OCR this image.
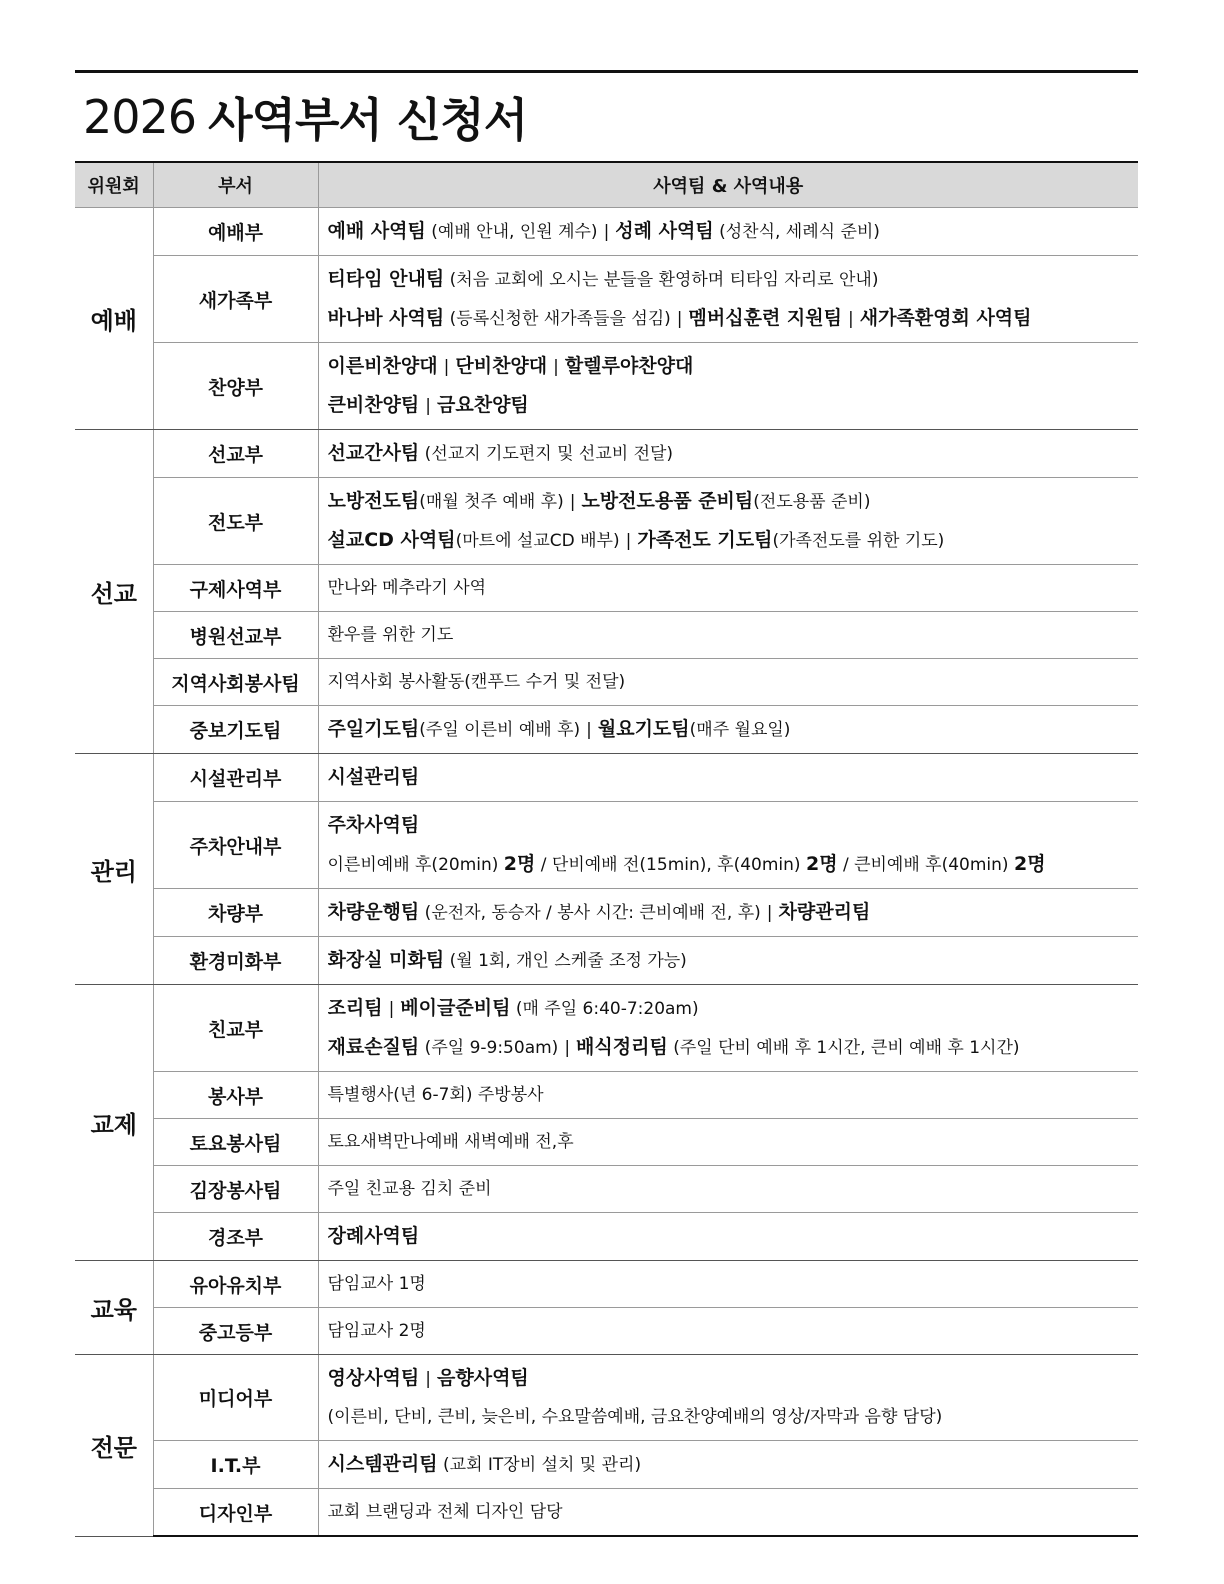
2026 사역부서 신청서
위원회	부서	사역팀 & 사역내용
예배	예배부	예배 사역팀 (예배 안내, 인원 계수) | 성례 사역팀 (성찬식, 세례식 준비)

	새가족부	티타임 안내팀 (처음 교회에 오시는 분들을 환영하며 티타임 자리로 안내)
바나바 사역팀 (등록신청한 새가족들을 섬김) | 멤버십훈련 지원팀 | 새가족환영회 사역팀

	찬양부	이른비찬양대 | 단비찬양대 | 할렐루야찬양대
큰비찬양팀 | 금요찬양팀

선교	선교부	선교간사팀 (선교지 기도편지 및 선교비 전달)

	전도부	노방전도팀(매월 첫주 예배 후) | 노방전도용품 준비팀(전도용품 준비)
설교CD 사역팀(마트에 설교CD 배부) | 가족전도 기도팀(가족전도를 위한 기도)

	구제사역부	만나와 메추라기 사역

	병원선교부	환우를 위한 기도

	지역사회봉사팀	지역사회 봉사활동(캔푸드 수거 및 전달)

	중보기도팀	주일기도팀(주일 이른비 예배 후) | 월요기도팀(매주 월요일)

관리	시설관리부	시설관리팀

	주차안내부	주차사역팀
이른비예배 후(20min) 2명 / 단비예배 전(15min), 후(40min) 2명 / 큰비예배 후(40min) 2명

	차량부	차량운행팀 (운전자, 동승자 / 봉사 시간: 큰비예배 전, 후) | 차량관리팀

	환경미화부	화장실 미화팀 (월 1회, 개인 스케줄 조정 가능)

교제	친교부	조리팀 | 베이글준비팀 (매 주일 6:40-7:20am)
재료손질팀 (주일 9-9:50am) | 배식정리팀 (주일 단비 예배 후 1시간, 큰비 예배 후 1시간)

	봉사부	특별행사(년 6-7회) 주방봉사

	토요봉사팀	토요새벽만나예배 새벽예배 전,후

	김장봉사팀	주일 친교용 김치 준비

	경조부	장례사역팀

교육	유아유치부	담임교사 1명

	중고등부	담임교사 2명

전문	미디어부	영상사역팀 | 음향사역팀
(이른비, 단비, 큰비, 늦은비, 수요말씀예배, 금요찬양예배의 영상/자막과 음향 담당)

	I.T.부	시스템관리팀 (교회 IT장비 설치 및 관리)

	디자인부	교회 브랜딩과 전체 디자인 담당
